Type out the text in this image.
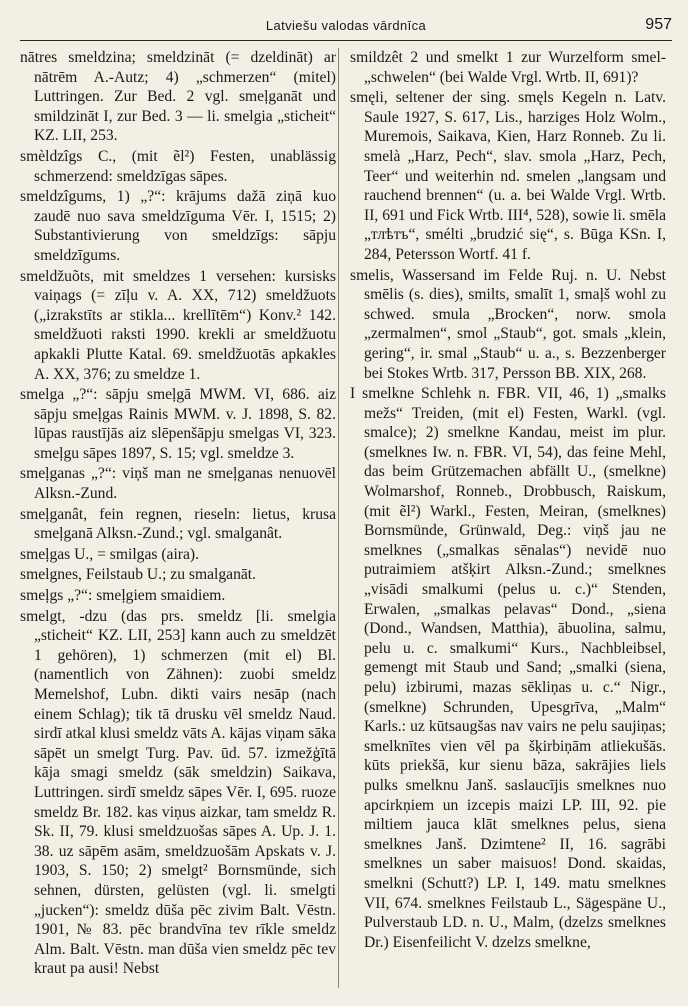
Latviešu valodas vārdnīca	957

nātres smeldzina; smeldzināt (= dzeldināt) ar nātrēm A.-Autz; 4) „schmerzen“ (mitel) Luttringen. Zur Bed. 2 vgl. smeļganāt und smildzināt I, zur Bed. 3 — li. smelgia „sticheit“ KZ. LII, 253.

smèldzîgs C., (mit ẽl²) Festen, unablässig schmerzend: smeldzīgas sāpes.

smeldzîgums, 1) „?“: krājums dažā ziņā kuo zaudē nuo sava smeldzīguma Vēr. I, 1515; 2) Substantivierung von smeldzīgs: sāpju smeldzīgums.

smeldžuõts, mit smeldzes 1 versehen: kursisks vaiņags (= zīļu v. A. XX, 712) smeldžuots („izrakstīts ar stikla... krellītēm“) Konv.² 142. smeldžuoti raksti 1990. krekli ar smeldžuotu apkakli Plutte Katal. 69. smeldžuotās apkakles A. XX, 376; zu smeldze 1.

smelga „?“: sāpju smeļgā MWM. VI, 686. aiz sāpju smeļgas Rainis MWM. v. J. 1898, S. 82. lūpas raustījās aiz slēpenšāpju smelgas VI, 323. smeļgu sāpes 1897, S. 15; vgl. smeldze 3.

smeļganas „?“: viņš man ne smeļganas nenuovēl Alksn.-Zund.

smeļganât, fein regnen, rieseln: lietus, krusa smeļganā Alksn.-Zund.; vgl. smalganât.

smeļgas U., = smilgas (aira).

smelgnes, Feilstaub U.; zu smalganāt.

smeļgs „?“: smeļgiem smaidiem.

smelgt, -dzu (das prs. smeldz [li. smelgia „sticheit“ KZ. LII, 253] kann auch zu smeldzēt 1 gehören), 1) schmerzen (mit el) Bl. (namentlich von Zähnen): zuobi smeldz Memelshof, Lubn. dikti vairs nesāp (nach einem Schlag); tik tā drusku vēl smeldz Naud. sirdī atkal klusi smeldz vāts A. kājas viņam sāka sāpēt un smelgt Turg. Pav. ūd. 57. izmežģītā kāja smagi smeldz (sāk smeldzin) Saikava, Luttringen. sirdī smeldz sāpes Vēr. I, 695. ruoze smeldz Br. 182. kas viņus aizkar, tam smeldz R. Sk. II, 79. klusi smeldzuošas sāpes A. Up. J. 1. 38. uz sāpēm asām, smeldzuošām Apskats v. J. 1903, S. 150; 2) smelgt² Bornsmünde, sich sehnen, dürsten, gelüsten (vgl. li. smelgti „jucken“): smeldz dūša pēc zivim Balt. Vēstn. 1901, № 83. pēc brandvīna tev rīkle smeldz Alm. Balt. Vēstn. man dūša vien smeldz pēc tev kraut pa ausi! Nebst

smildzêt 2 und smelkt 1 zur Wurzelform smel- „schwelen“ (bei Walde Vrgl. Wrtb. II, 691)?

smęli, seltener der sing. smęls Kegeln n. Latv. Saule 1927, S. 617, Lis., harziges Holz Wolm., Muremois, Saikava, Kien, Harz Ronneb. Zu li. smelà „Harz, Pech“, slav. smola „Harz, Pech, Teer“ und weiterhin nd. smelen „langsam und rauchend brennen“ (u. a. bei Walde Vrgl. Wrtb. II, 691 und Fick Wrtb. III⁴, 528), sowie li. smēla „тлѣтъ“, smélti „brudzić się“, s. Būga KSn. I, 284, Petersson Wortf. 41 f.

smelis, Wassersand im Felde Ruj. n. U. Nebst smēlis (s. dies), smilts, smalīt 1, smaļš wohl zu schwed. smula „Brocken“, norw. smola „zermalmen“, smol „Staub“, got. smals „klein, gering“, ir. smal „Staub“ u. a., s. Bezzenberger bei Stokes Wrtb. 317, Persson BB. XIX, 268.

I smelkne Schlehk n. FBR. VII, 46, 1) „smalks mežs“ Treiden, (mit el) Festen, Warkl. (vgl. smalce); 2) smelkne Kandau, meist im plur. (smelknes Iw. n. FBR. VI, 54), das feine Mehl, das beim Grützemachen abfällt U., (smelkne) Wolmarshof, Ronneb., Drobbusch, Raiskum, (mit ẽl²) Warkl., Festen, Meiran, (smelknes) Bornsmünde, Grünwald, Deg.: viņš jau ne smelknes („smalkas sēnalas“) nevidē nuo putraimiem atšķirt Alksn.-Zund.; smelknes „visādi smalkumi (pelus u. c.)“ Stenden, Erwalen, „smalkas pelavas“ Dond., „siena (Dond., Wandsen, Matthia), ābuolina, salmu, pelu u. c. smalkumi“ Kurs., Nachbleibsel, gemengt mit Staub und Sand; „smalki (siena, pelu) izbirumi, mazas sēkliņas u. c.“ Nigr., (smelkne) Schrunden, Upesgrīva, „Malm“ Karls.: uz kūtsaugšas nav vairs ne pelu saujiņas; smelknītes vien vēl pa šķirbiņām atliekušās. kūts priekšā, kur sienu bāza, sakrājies liels pulks smelknu Janš. saslaucījis smelknes nuo apcirkņiem un izcepis maizi LP. III, 92. pie miltiem jauca klāt smelknes pelus, siena smelknes Janš. Dzimtene² II, 16. sagrābi smelknes un saber maisuos! Dond. skaidas, smelkni (Schutt?) LP. I, 149. matu smelknes VII, 674. smelknes Feilstaub L., Sägespäne U., Pulverstaub LD. n. U., Malm, (dzelzs smelknes Dr.) Eisenfeilicht V. dzelzs smelkne,
